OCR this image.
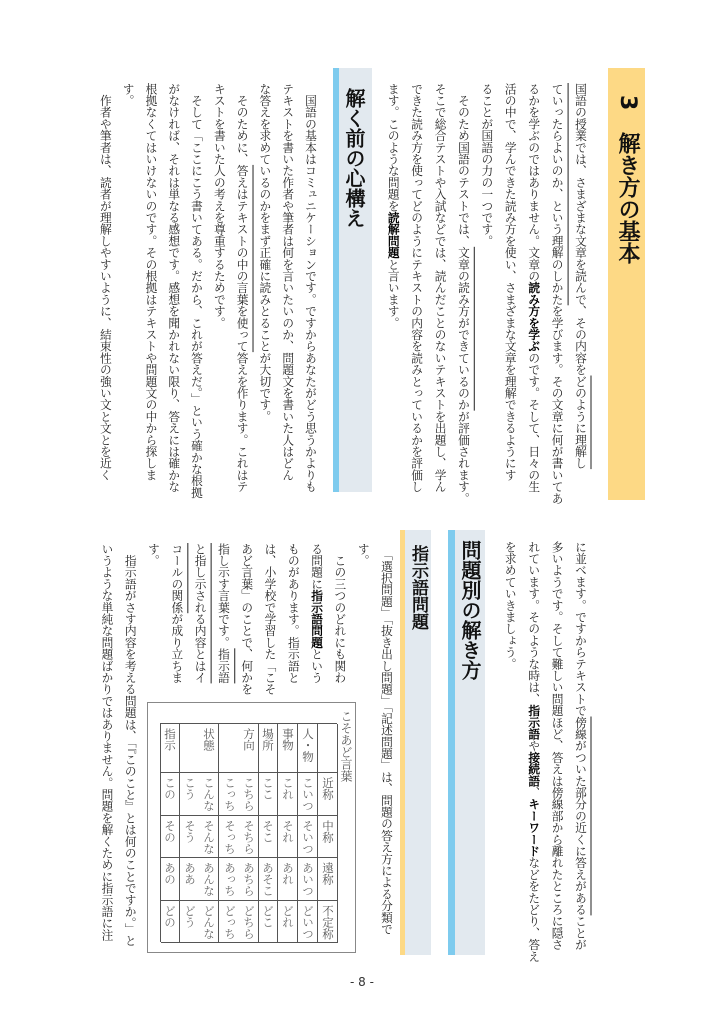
3　解き方の基本
国語の授業では、さまざまな文章を読んで、その内容をどのように理解し
ていったらよいのか、という理解のしかたを学びます。その文章に何が書いてあ
るかを学ぶのではありません。文章の読み方を学ぶのです。そして、日々の生
活の中で、学んできた読み方を使い、さまざまな文章を理解できるようにす
ることが国語の力の一つです。
　そのため国語のテストでは、文章の読み方ができているのかが評価されます。
そこで総合テストや入試などでは、読んだことのないテキストを出題し、学ん
できた読み方を使ってどのようにテキストの内容を読みとっているかを評価し
ます。このような問題を読解問題と言います。
解く前の心構え
　国語の基本はコミュニケーションです。ですからあなたがどう思うかよりも
テキストを書いた作者や筆者は何を言いたいのか、問題文を書いた人はどん
な答えを求めているのかをまず正確に読みとることが大切です。
　そのために、答えはテキストの中の言葉を使って答えを作ります。これはテ
キストを書いた人の考えを尊重するためです。
　そして「ここにこう書いてある。だから、これが答えだ。」という確かな根拠
がなければ、それは単なる感想です。感想を聞かれない限り、答えには確かな
根拠なくてはいけないのです。その根拠はテキストや問題文の中から探しま
す。
　作者や筆者は、読者が理解しやすいように、結束性の強い文と文とを近く
に並べます。ですからテキストで傍線がついた部分の近くに答えがあることが
多いようです。そして難しい問題ほど、答えは傍線部から離れたところに隠さ
れています。そのような時は、指示語や接続語、キーワードなどをたどり、答え
を求めていきましょう。
問題別の解き方
指示語問題
　「選択問題」「抜き出し問題」「記述問題」は、問題の答え方による分類で
す。
　この三つのどれにも関わ
る問題に指示語問題という
ものがあります。指示語と
は、小学校で学習した「こそ
あど言葉」のことで、何かを
指し示す言葉です。指示語
と指し示される内容とはイ
コールの関係が成り立ちま
す。
　指示語がさす内容を考える問題は、「『このこと』とは何のことですか。」と
いうような単純な問題ばかりではありません。問題を解くために指示語に注	こそあど言葉
近称
中称
遠称
不定称
指示
この
その
あの
どの
状態
こんな
こう
そんな
そう
あんな
ああ
どんな
どう
方向
こちら
こっち
そちら
そっち
あちら
あっち
どちら
どっち
場所
ここ
そこ
あそこ
どこ
事物
これ
それ
あれ
どれ
人・物
こいつ
そいつ
あいつ
どいつ
- 8 -
